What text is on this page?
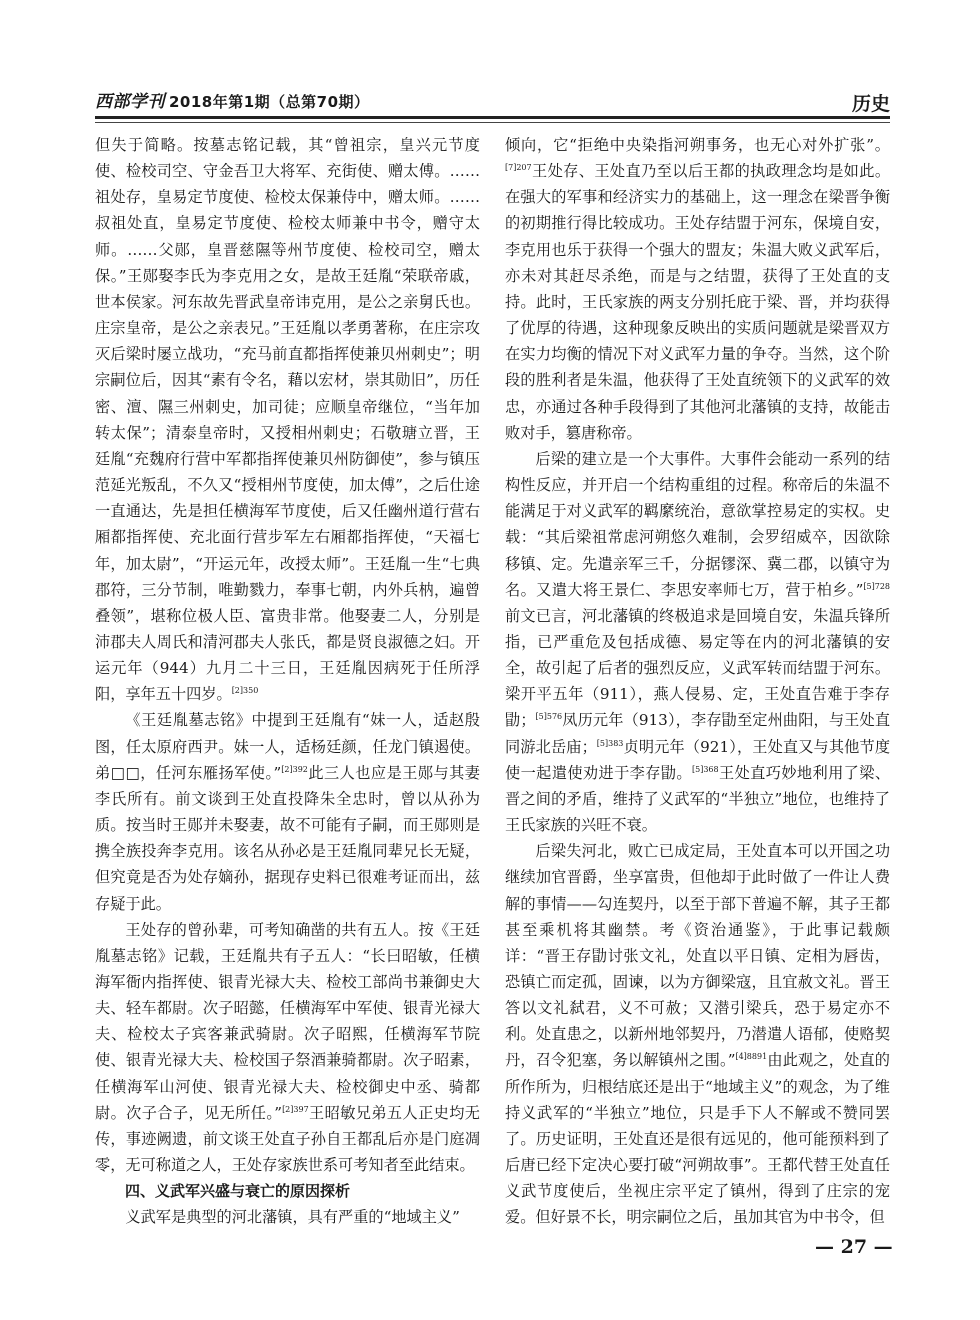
西部学刊 2018年第1期（总第70期）	历史

但失于简略。按墓志铭记载，其“曾祖宗，皇兴元节度使、检校司空、守金吾卫大将军、充街使、赠太傅。……祖处存，皇易定节度使、检校太保兼侍中，赠太师。……叔祖处直，皇易定节度使、检校太师兼中书令，赠守太师。……父郧，皇晋慈隰等州节度使、检校司空，赠太保。”王郧娶李氏为李克用之女，是故王廷胤“荣联帝戚，世本侯家。河东故先晋武皇帝讳克用，是公之亲舅氏也。庄宗皇帝，是公之亲表兄。”王廷胤以孝勇著称，在庄宗攻灭后梁时屡立战功，“充马前直都指挥使兼贝州刺史”；明宗嗣位后，因其“素有令名，藉以宏材，崇其勋旧”，历任密、澶、隰三州刺史，加司徒；应顺皇帝继位，“当年加转太保”；清泰皇帝时，又授相州刺史；石敬瑭立晋，王廷胤“充魏府行营中军都指挥使兼贝州防御使”，参与镇压范延光叛乱，不久又“授相州节度使，加太傅”，之后仕途一直通达，先是担任横海军节度使，后又任幽州道行营右厢都指挥使、充北面行营步军左右厢都指挥使，“天福七年，加太尉”，“开运元年，改授太师”。王廷胤一生“七典郡符，三分节制，唯勤戮力，奉事七朝，内外兵枘，遍曾叠领”，堪称位极人臣、富贵非常。他娶妻二人，分别是沛郡夫人周氏和清河郡夫人张氏，都是贤良淑德之妇。开运元年（944）九月二十三日，王廷胤因病死于任所浮阳，享年五十四岁。$^{[2]350}$

《王廷胤墓志铭》中提到王廷胤有“妹一人，适赵殷图，任太原府西尹。妹一人，适杨廷颜，任龙门镇遏使。弟□□，任河东雁扬军使。”$^{[2]392}$此三人也应是王郧与其妻李氏所有。前文谈到王处直投降朱全忠时，曾以从孙为质。按当时王郧并未娶妻，故不可能有子嗣，而王郧则是携全族投奔李克用。该名从孙必是王廷胤同辈兄长无疑，但究竟是否为处存嫡孙，据现存史料已很难考证而出，兹存疑于此。

王处存的曾孙辈，可考知确凿的共有五人。按《王廷胤墓志铭》记载，王廷胤共有子五人：“长曰昭敏，任横海军衙内指挥使、银青光禄大夫、检校工部尚书兼御史大夫、轻车都尉。次子昭懿，任横海军中军使、银青光禄大夫、检校太子宾客兼武骑尉。次子昭熙，任横海军节院使、银青光禄大夫、检校国子祭酒兼骑都尉。次子昭素，任横海军山河使、银青光禄大夫、检校御史中丞、骑都尉。次子合子，见无所任。”$^{[2]397}$王昭敏兄弟五人正史均无传，事迹阙遗，前文谈王处直子孙自王都乱后亦是门庭凋零，无可称道之人，王处存家族世系可考知者至此结束。

四、义武军兴盛与衰亡的原因探析

义武军是典型的河北藩镇，具有严重的“地域主义”

倾向，它“拒绝中央染指河朔事务，也无心对外扩张”。$^{[7]207}$王处存、王处直乃至以后王都的执政理念均是如此。在强大的军事和经济实力的基础上，这一理念在梁晋争衡的初期推行得比较成功。王处存结盟于河东，保境自安，李克用也乐于获得一个强大的盟友；朱温大败义武军后，亦未对其赶尽杀绝，而是与之结盟，获得了王处直的支持。此时，王氏家族的两支分别托庇于梁、晋，并均获得了优厚的待遇，这种现象反映出的实质问题就是梁晋双方在实力均衡的情况下对义武军力量的争夺。当然，这个阶段的胜利者是朱温，他获得了王处直统领下的义武军的效忠，亦通过各种手段得到了其他河北藩镇的支持，故能击败对手，篡唐称帝。

后梁的建立是一个大事件。大事件会能动一系列的结构性反应，并开启一个结构重组的过程。称帝后的朱温不能满足于对义武军的羁縻统治，意欲掌控易定的实权。史载：“其后梁祖常虑河朔悠久难制，会罗绍威卒，因欲除移镇、定。先遣亲军三千，分据镠深、冀二郡，以镇守为名。又遣大将王景仁、李思安率师七万，营于柏乡。”$^{[5]728}$前文已言，河北藩镇的终极追求是回境自安，朱温兵锋所指，已严重危及包括成德、易定等在内的河北藩镇的安全，故引起了后者的强烈反应，义武军转而结盟于河东。梁开平五年（911），燕人侵易、定，王处直告难于李存勖；$^{[5]576}$凤历元年（913），李存勖至定州曲阳，与王处直同游北岳庙；$^{[5]383}$贞明元年（921），王处直又与其他节度使一起遣使劝进于李存勖。$^{[5]368}$王处直巧妙地利用了梁、晋之间的矛盾，维持了义武军的“半独立”地位，也维持了王氏家族的兴旺不衰。

后梁失河北，败亡已成定局，王处直本可以开国之功继续加官晋爵，坐享富贵，但他却于此时做了一件让人费解的事情——勾连契丹，以至于部下普遍不解，其子王都甚至乘机将其幽禁。考《资治通鉴》，于此事记载颇详：“晋王存勖讨张文礼，处直以平日镇、定相为唇齿，恐镇亡而定孤，固谏，以为方御梁寇，且宜赦文礼。晋王答以文礼弑君，义不可赦；又潜引梁兵，恐于易定亦不利。处直患之，以新州地邻契丹，乃潜遣人语郁，使赂契丹，召令犯塞，务以解镇州之围。”$^{[4]8891}$由此观之，处直的所作所为，归根结底还是出于“地域主义”的观念，为了维持义武军的“半独立”地位，只是手下人不解或不赞同罢了。历史证明，王处直还是很有远见的，他可能预料到了后唐已经下定决心要打破“河朔故事”。王都代替王处直任义武节度使后，坐视庄宗平定了镇州，得到了庄宗的宠爱。但好景不长，明宗嗣位之后，虽加其官为中书令，但

— 27 —
